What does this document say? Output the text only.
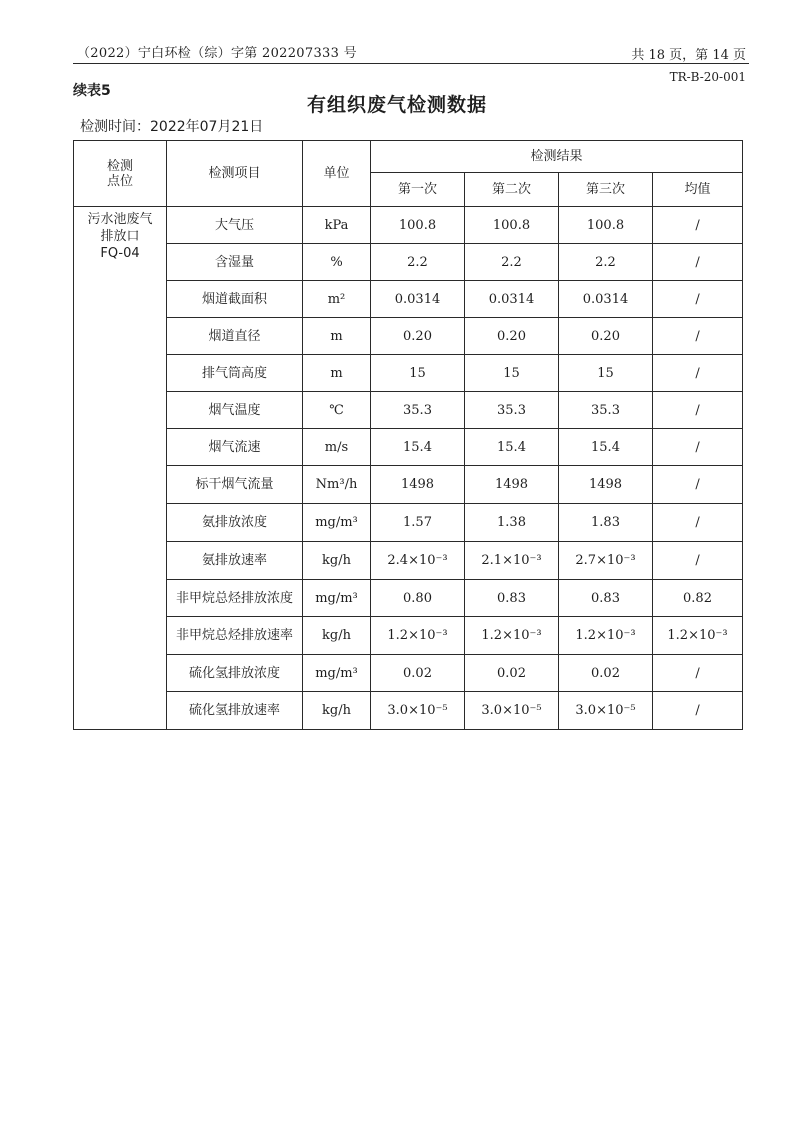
（2022）宁白环检（综）字第 202207333 号	共 18 页，第 14 页
TR-B-20-001
续表5
有组织废气检测数据
检测时间：2022年07月21日
检测
点位	检测项目	单位	检测结果			
			第一次	第二次	第三次	均值
污水池废气
排放口
FQ-04	大气压	kPa	100.8	100.8	100.8	/
	含湿量	%	2.2	2.2	2.2	/
	烟道截面积	m²	0.0314	0.0314	0.0314	/
	烟道直径	m	0.20	0.20	0.20	/
	排气筒高度	m	15	15	15	/
	烟气温度	℃	35.3	35.3	35.3	/
	烟气流速	m/s	15.4	15.4	15.4	/
	标干烟气流量	Nm³/h	1498	1498	1498	/
	氨排放浓度	mg/m³	1.57	1.38	1.83	/
	氨排放速率	kg/h	2.4×10⁻³	2.1×10⁻³	2.7×10⁻³	/
	非甲烷总烃排放浓度	mg/m³	0.80	0.83	0.83	0.82
	非甲烷总烃排放速率	kg/h	1.2×10⁻³	1.2×10⁻³	1.2×10⁻³	1.2×10⁻³
	硫化氢排放浓度	mg/m³	0.02	0.02	0.02	/
	硫化氢排放速率	kg/h	3.0×10⁻⁵	3.0×10⁻⁵	3.0×10⁻⁵	/
